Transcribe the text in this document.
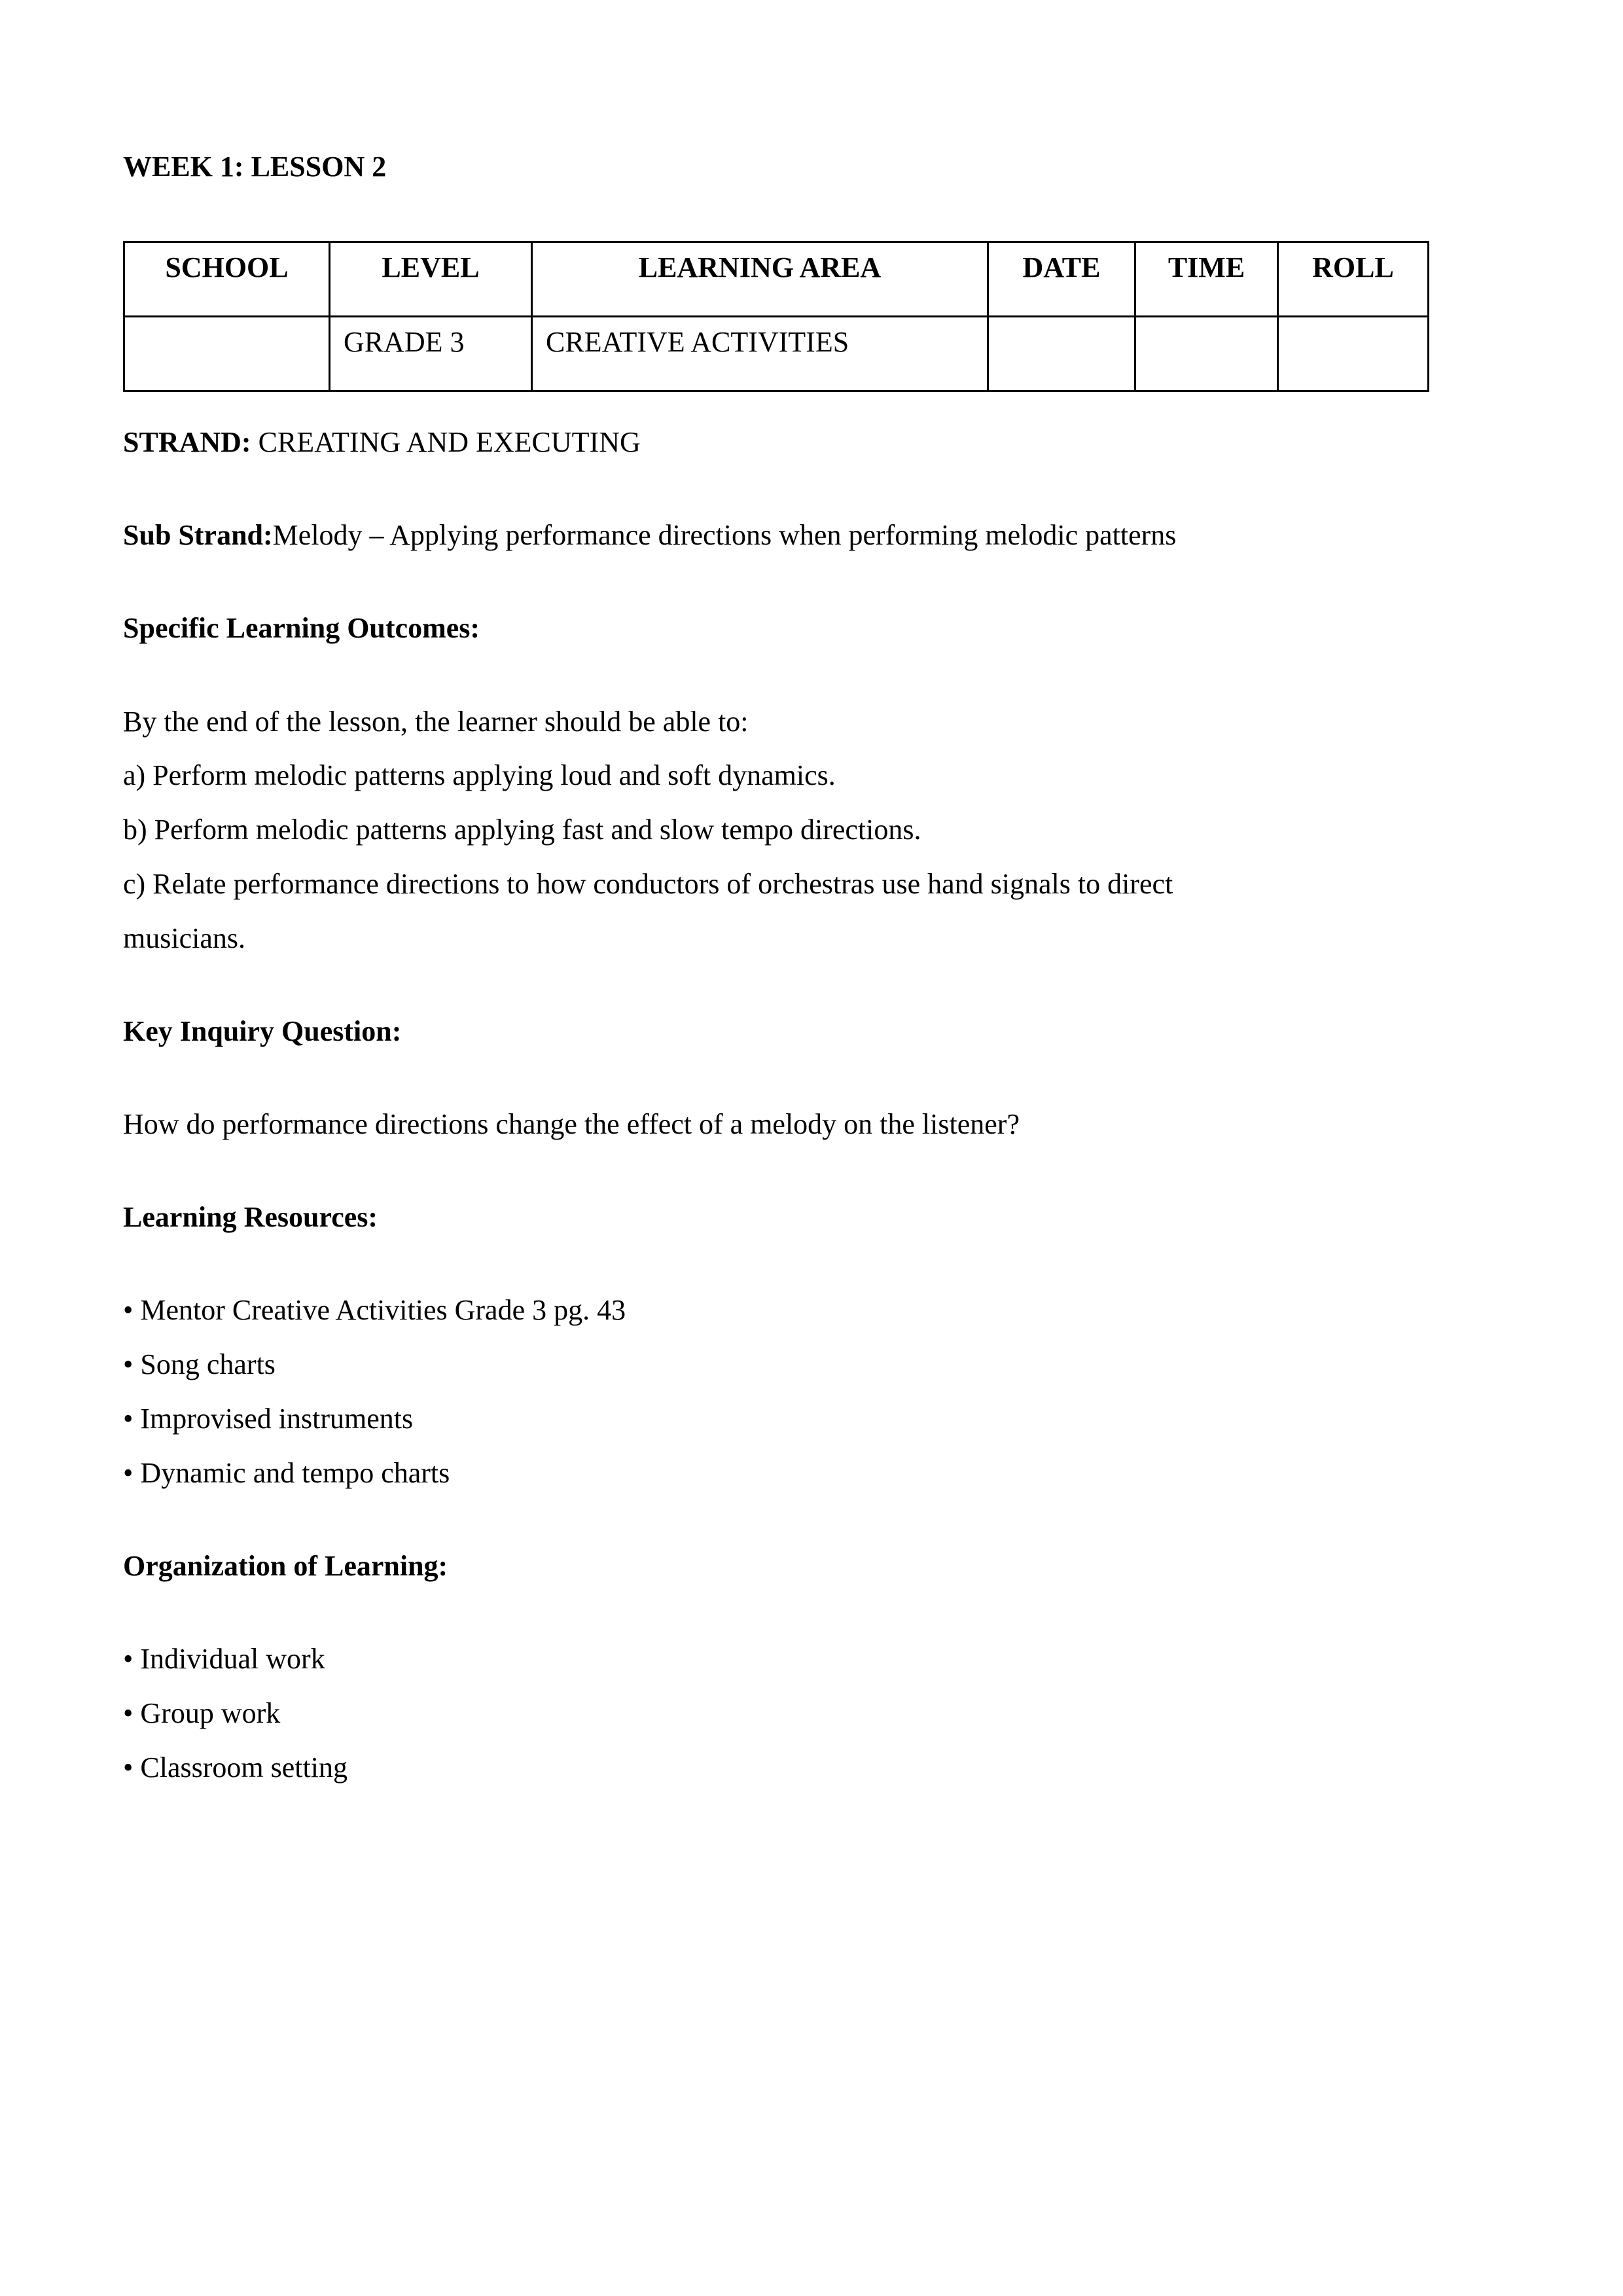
WEEK 1: LESSON 2

SCHOOL	LEVEL	LEARNING AREA	DATE	TIME	ROLL
	GRADE 3	CREATIVE ACTIVITIES			

STRAND: CREATING AND EXECUTING

Sub Strand:Melody – Applying performance directions when performing melodic patterns

Specific Learning Outcomes:

By the end of the lesson, the learner should be able to:

a) Perform melodic patterns applying loud and soft dynamics.

b) Perform melodic patterns applying fast and slow tempo directions.

c) Relate performance directions to how conductors of orchestras use hand signals to direct

musicians.

Key Inquiry Question:

How do performance directions change the effect of a melody on the listener?

Learning Resources:

• Mentor Creative Activities Grade 3 pg. 43

• Song charts

• Improvised instruments

• Dynamic and tempo charts

Organization of Learning:

• Individual work

• Group work

• Classroom setting
